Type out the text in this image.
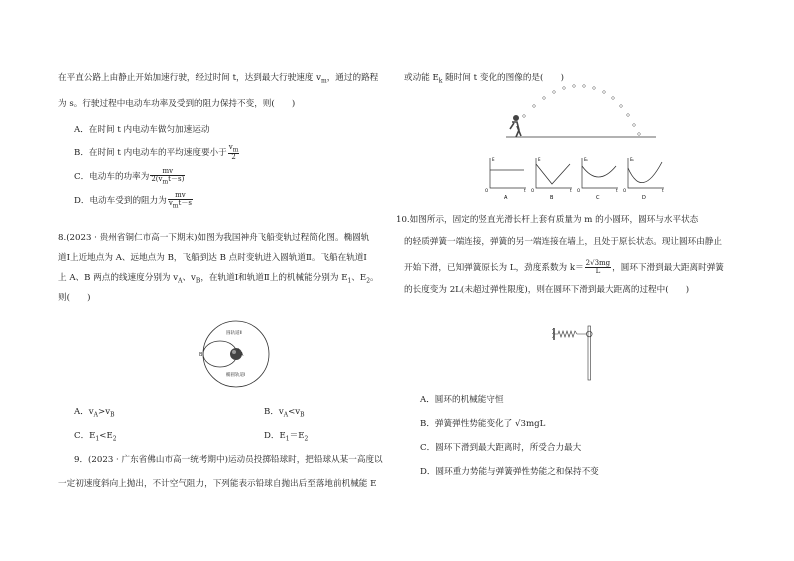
在平直公路上由静止开始加速行驶，经过时间 t，达到最大行驶速度 $v_m$，通过的路程
为 s。行驶过程中电动车功率及受到的阻力保持不变，则(　　)
A．在时间 t 内电动车做匀加速运动
B．在时间 t 内电动车的平均速度要小于 $\frac{v_m}{2}$
C．电动车的功率为 $\frac{mv}{2(v_mt-s)}$
D．电动车受到的阻力为 $\frac{mv}{v_mt-s}$
8.(2023 · 贵州省铜仁市高一下期末)如图为我国神舟飞船变轨过程简化图。椭圆轨
道Ⅰ上近地点为 A、远地点为 B，飞船到达 B 点时变轨进入圆轨道Ⅱ。飞船在轨道Ⅰ
上 A、B 两点的线速度分别为 $v_A$、$v_B$，在轨道Ⅰ和轨道Ⅱ上的机械能分别为 $E_1$、$E_2$。
则(　　)
圆轨道Ⅱ
椭圆轨道Ⅰ
B	A
A．$v_A>v_B$	B．$v_A<v_B$
C．$E_1<E_2$	D．$E_1=E_2$
9．(2023 · 广东省佛山市高一统考期中)运动员投掷铅球时，把铅球从某一高度以
一定初速度斜向上抛出，不计空气阻力，下列能表示铅球自抛出后至落地前机械能 E
或动能 $E_k$ 随时间 t 变化的图像的是(　　)
E
O	t
A
E
O	t
B
Eₖ
O	t
C
Eₖ
O	t
D
10.如图所示，固定的竖直光滑长杆上套有质量为 m 的小圆环，圆环与水平状态
的轻质弹簧一端连接，弹簧的另一端连接在墙上，且处于原长状态。现让圆环由静止
开始下滑，已知弹簧原长为 L，劲度系数为 $k= \frac{2√3mg}{L}$ ，圆环下滑到最大距离时弹簧
的长度变为 2L(未超过弹性限度)，则在圆环下滑到最大距离的过程中(　　)
A．圆环的机械能守恒
B．弹簧弹性势能变化了 √3mgL
C．圆环下滑到最大距离时，所受合力最大
D．圆环重力势能与弹簧弹性势能之和保持不变
